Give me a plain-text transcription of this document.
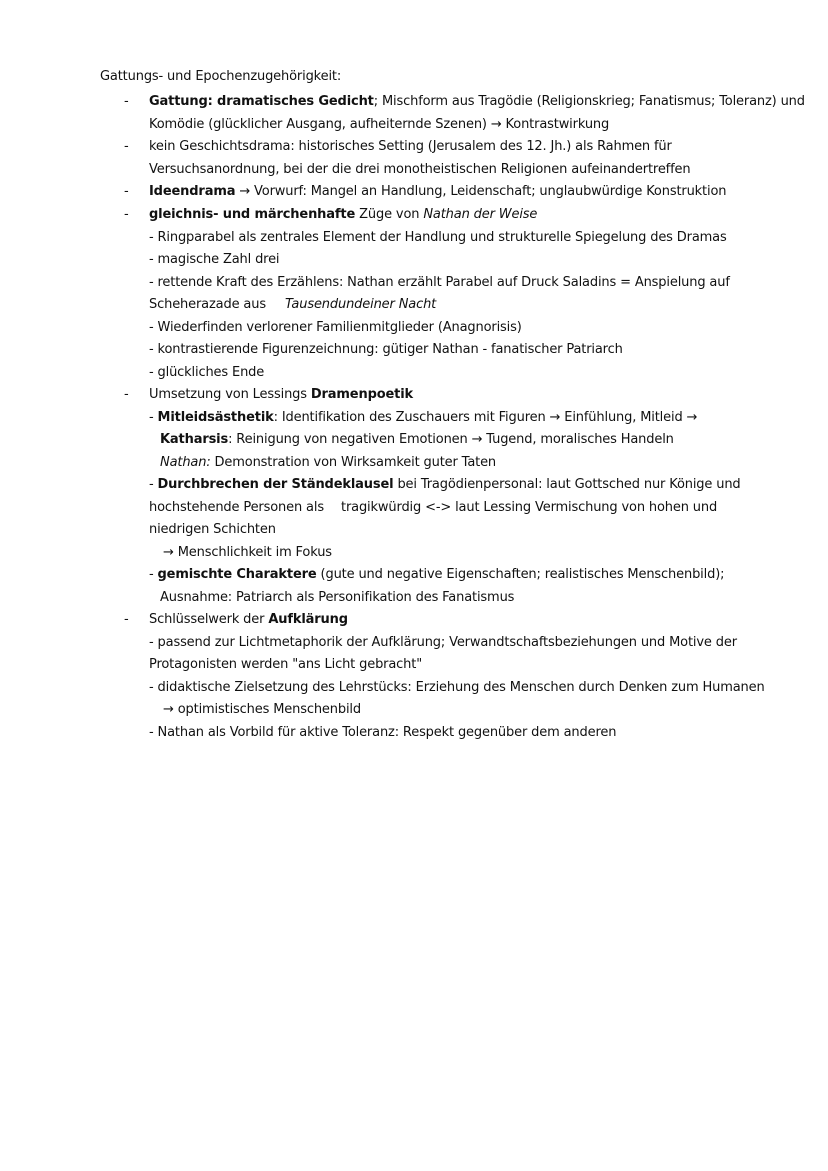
Gattungs- und Epochenzugehörigkeit:
- Gattung: dramatisches Gedicht; Mischform aus Tragödie (Religionskrieg; Fanatismus; Toleranz) und
Komödie (glücklicher Ausgang, aufheiternde Szenen) → Kontrastwirkung
- kein Geschichtsdrama: historisches Setting (Jerusalem des 12. Jh.) als Rahmen für
Versuchsanordnung, bei der die drei monotheistischen Religionen aufeinandertreffen
- Ideendrama → Vorwurf: Mangel an Handlung, Leidenschaft; unglaubwürdige Konstruktion
- gleichnis- und märchenhafte Züge von Nathan der Weise
- Ringparabel als zentrales Element der Handlung und strukturelle Spiegelung des Dramas
- magische Zahl drei
- rettende Kraft des Erzählens: Nathan erzählt Parabel auf Druck Saladins = Anspielung auf
Scheherazade aus Tausendundeiner Nacht
- Wiederfinden verlorener Familienmitglieder (Anagnorisis)
- kontrastierende Figurenzeichnung: gütiger Nathan - fanatischer Patriarch
- glückliches Ende
- Umsetzung von Lessings Dramenpoetik
- Mitleidsästhetik: Identifikation des Zuschauers mit Figuren → Einfühlung, Mitleid →
Katharsis: Reinigung von negativen Emotionen → Tugend, moralisches Handeln
Nathan: Demonstration von Wirksamkeit guter Taten
- Durchbrechen der Ständeklausel bei Tragödienpersonal: laut Gottsched nur Könige und
hochstehende Personen als tragikwürdig <-> laut Lessing Vermischung von hohen und
niedrigen Schichten
→ Menschlichkeit im Fokus
- gemischte Charaktere (gute und negative Eigenschaften; realistisches Menschenbild);
Ausnahme: Patriarch als Personifikation des Fanatismus
- Schlüsselwerk der Aufklärung
- passend zur Lichtmetaphorik der Aufklärung; Verwandtschaftsbeziehungen und Motive der
Protagonisten werden "ans Licht gebracht"
- didaktische Zielsetzung des Lehrstücks: Erziehung des Menschen durch Denken zum Humanen
→ optimistisches Menschenbild
- Nathan als Vorbild für aktive Toleranz: Respekt gegenüber dem anderen
